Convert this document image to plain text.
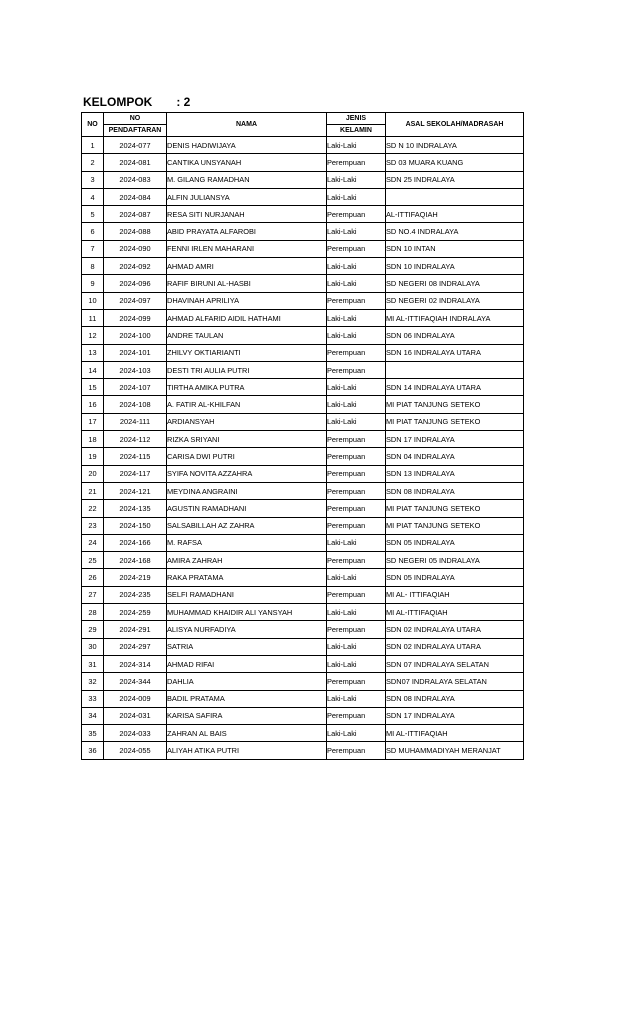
KELOMPOK : 2
NO	NO	NAMA	JENIS	ASAL SEKOLAH/MADRASAH
	PENDAFTARAN		KELAMIN	
1	2024-077	DENIS HADIWIJAYA	Laki-Laki	SD N 10 INDRALAYA
2	2024-081	CANTIKA UNSYANAH	Perempuan	SD 03 MUARA KUANG
3	2024-083	M. GILANG RAMADHAN	Laki-Laki	SDN 25 INDRALAYA
4	2024-084	ALFIN JULIANSYA	Laki-Laki	
5	2024-087	RESA SITI NURJANAH	Perempuan	AL-ITTIFAQIAH
6	2024-088	ABID PRAYATA ALFAROBI	Laki-Laki	SD NO.4 INDRALAYA
7	2024-090	FENNI IRLEN MAHARANI	Perempuan	SDN 10 INTAN
8	2024-092	AHMAD AMRI	Laki-Laki	SDN 10 INDRALAYA
9	2024-096	RAFIF BIRUNI AL-HASBI	Laki-Laki	SD NEGERI 08 INDRALAYA
10	2024-097	DHAVINAH APRILIYA	Perempuan	SD NEGERI 02 INDRALAYA
11	2024-099	AHMAD ALFARID AIDIL HATHAMI	Laki-Laki	MI AL-ITTIFAQIAH INDRALAYA
12	2024-100	ANDRE TAULAN	Laki-Laki	SDN 06 INDRALAYA
13	2024-101	ZHILVY OKTIARIANTI	Perempuan	SDN 16 INDRALAYA UTARA
14	2024-103	DESTI TRI AULIA PUTRI	Perempuan	
15	2024-107	TIRTHA AMIKA PUTRA	Laki-Laki	SDN 14 INDRALAYA UTARA
16	2024-108	A. FATIR AL-KHILFAN	Laki-Laki	MI PIAT TANJUNG SETEKO
17	2024-111	ARDIANSYAH	Laki-Laki	MI PIAT TANJUNG SETEKO
18	2024-112	RIZKA SRIYANI	Perempuan	SDN 17 INDRALAYA
19	2024-115	CARISA DWI PUTRI	Perempuan	SDN 04 INDRALAYA
20	2024-117	SYIFA NOVITA AZZAHRA	Perempuan	SDN 13 INDRALAYA
21	2024-121	MEYDINA ANGRAINI	Perempuan	SDN 08 INDRALAYA
22	2024-135	AGUSTIN RAMADHANI	Perempuan	MI PIAT TANJUNG SETEKO
23	2024-150	SALSABILLAH AZ ZAHRA	Perempuan	MI PIAT TANJUNG SETEKO
24	2024-166	M. RAFSA	Laki-Laki	SDN 05 INDRALAYA
25	2024-168	AMIRA ZAHRAH	Perempuan	SD NEGERI 05 INDRALAYA
26	2024-219	RAKA PRATAMA	Laki-Laki	SDN 05 INDRALAYA
27	2024-235	SELFI RAMADHANI	Perempuan	MI AL- ITTIFAQIAH
28	2024-259	MUHAMMAD KHAIDIR ALI YANSYAH	Laki-Laki	MI AL-ITTIFAQIAH
29	2024-291	ALISYA NURFADIYA	Perempuan	SDN 02 INDRALAYA UTARA
30	2024-297	SATRIA	Laki-Laki	SDN 02 INDRALAYA UTARA
31	2024-314	AHMAD RIFAI	Laki-Laki	SDN 07 INDRALAYA SELATAN
32	2024-344	DAHLIA	Perempuan	SDN07 INDRALAYA SELATAN
33	2024-009	BADIL PRATAMA	Laki-Laki	SDN 08 INDRALAYA
34	2024-031	KARISA SAFIRA	Perempuan	SDN 17 INDRALAYA
35	2024-033	ZAHRAN AL BAIS	Laki-Laki	MI AL-ITTIFAQIAH
36	2024-055	ALIYAH ATIKA PUTRI	Perempuan	SD MUHAMMADIYAH MERANJAT
